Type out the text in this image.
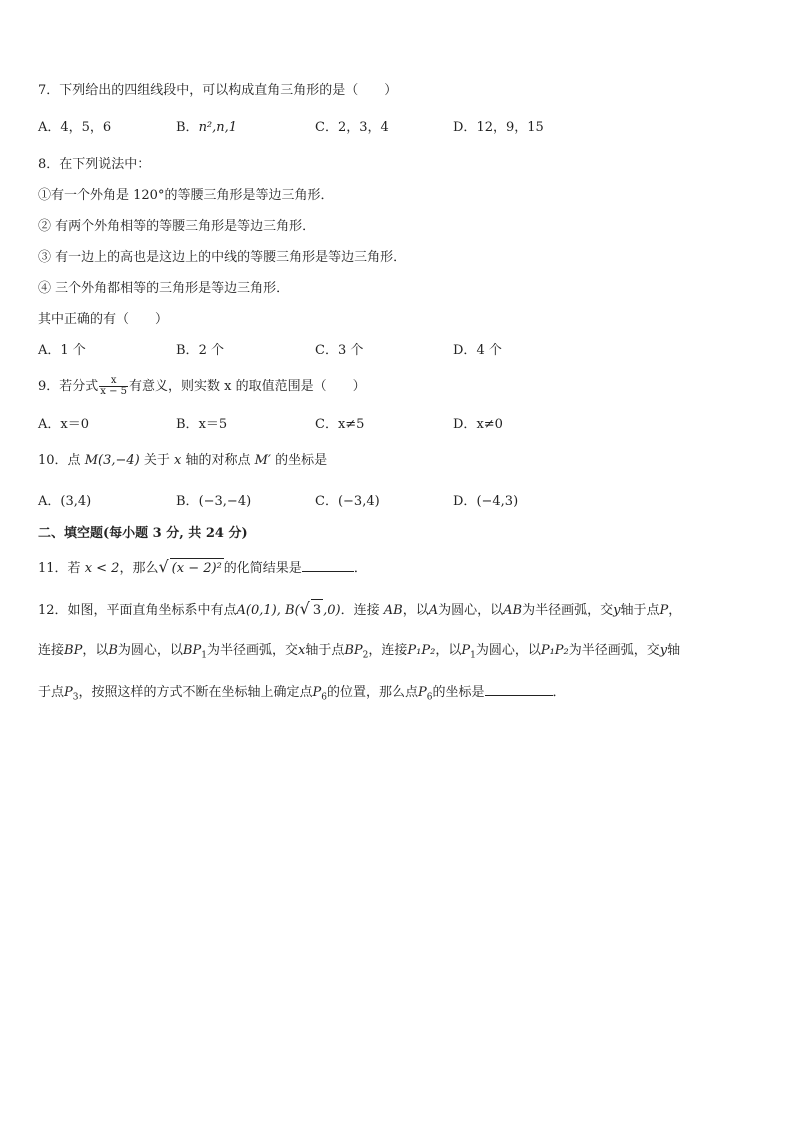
7．下列给出的四组线段中，可以构成直角三角形的是（　　）
A．4，5，6	B．n²,n,1	C．2，3，4	D．12，9，15
8．在下列说法中：
①有一个外角是 120°的等腰三角形是等边三角形．
② 有两个外角相等的等腰三角形是等边三角形．
③ 有一边上的高也是这边上的中线的等腰三角形是等边三角形．
④ 三个外角都相等的三角形是等边三角形．
其中正确的有（　　）
A．1 个	B．2 个	C．3 个	D．4 个
9．若分式 $\frac{x}{x - 5}$ 有意义，则实数 x 的取值范围是（　　）
A．x＝0	B．x＝5	C．x≠5	D．x≠0
10．点 M(3,−4) 关于 x 轴的对称点 M′ 的坐标是
A．(3,4)	B．(−3,−4)	C．(−3,4)	D．(−4,3)
二、填空题(每小题 3 分, 共 24 分)
11．若 x < 2，那么√ (x − 2)² 的化简结果是	．
12．如图，平面直角坐标系中有点A(0,1), B(√ 3 ,0)．连接 AB，以A为圆心，以AB为半径画弧，交y轴于点P，
连接BP，以B为圆心，以$BP_1$为半径画弧，交x轴于点$BP_2$，连接P₁P₂，以$P_1$为圆心，以P₁P₂为半径画弧，交y轴
于点$P_3$，按照这样的方式不断在坐标轴上确定点$P_6$的位置，那么点$P_6$的坐标是	．
